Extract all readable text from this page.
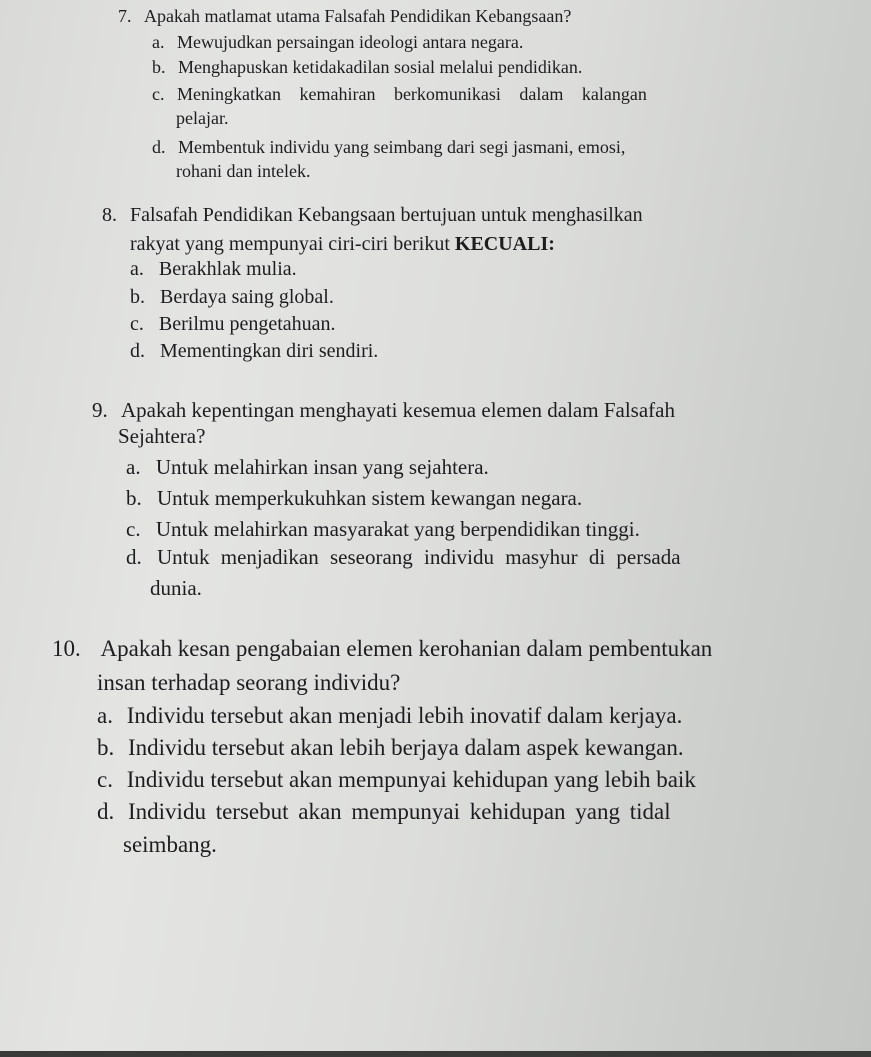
7. Apakah matlamat utama Falsafah Pendidikan Kebangsaan?
a. Mewujudkan persaingan ideologi antara negara.
b. Menghapuskan ketidakadilan sosial melalui pendidikan.
c. Meningkatkan kemahiran berkomunikasi dalam kalangan
pelajar.
d. Membentuk individu yang seimbang dari segi jasmani, emosi,
rohani dan intelek.
8. Falsafah Pendidikan Kebangsaan bertujuan untuk menghasilkan
rakyat yang mempunyai ciri-ciri berikut KECUALI:
a. Berakhlak mulia.
b. Berdaya saing global.
c. Berilmu pengetahuan.
d. Mementingkan diri sendiri.
9. Apakah kepentingan menghayati kesemua elemen dalam Falsafah
Sejahtera?
a. Untuk melahirkan insan yang sejahtera.
b. Untuk memperkukuhkan sistem kewangan negara.
c. Untuk melahirkan masyarakat yang berpendidikan tinggi.
d. Untuk menjadikan seseorang individu masyhur di persada
dunia.
10. Apakah kesan pengabaian elemen kerohanian dalam pembentukan
insan terhadap seorang individu?
a. Individu tersebut akan menjadi lebih inovatif dalam kerjaya.
b. Individu tersebut akan lebih berjaya dalam aspek kewangan.
c. Individu tersebut akan mempunyai kehidupan yang lebih baik
d. Individu tersebut akan mempunyai kehidupan yang tidal
seimbang.
